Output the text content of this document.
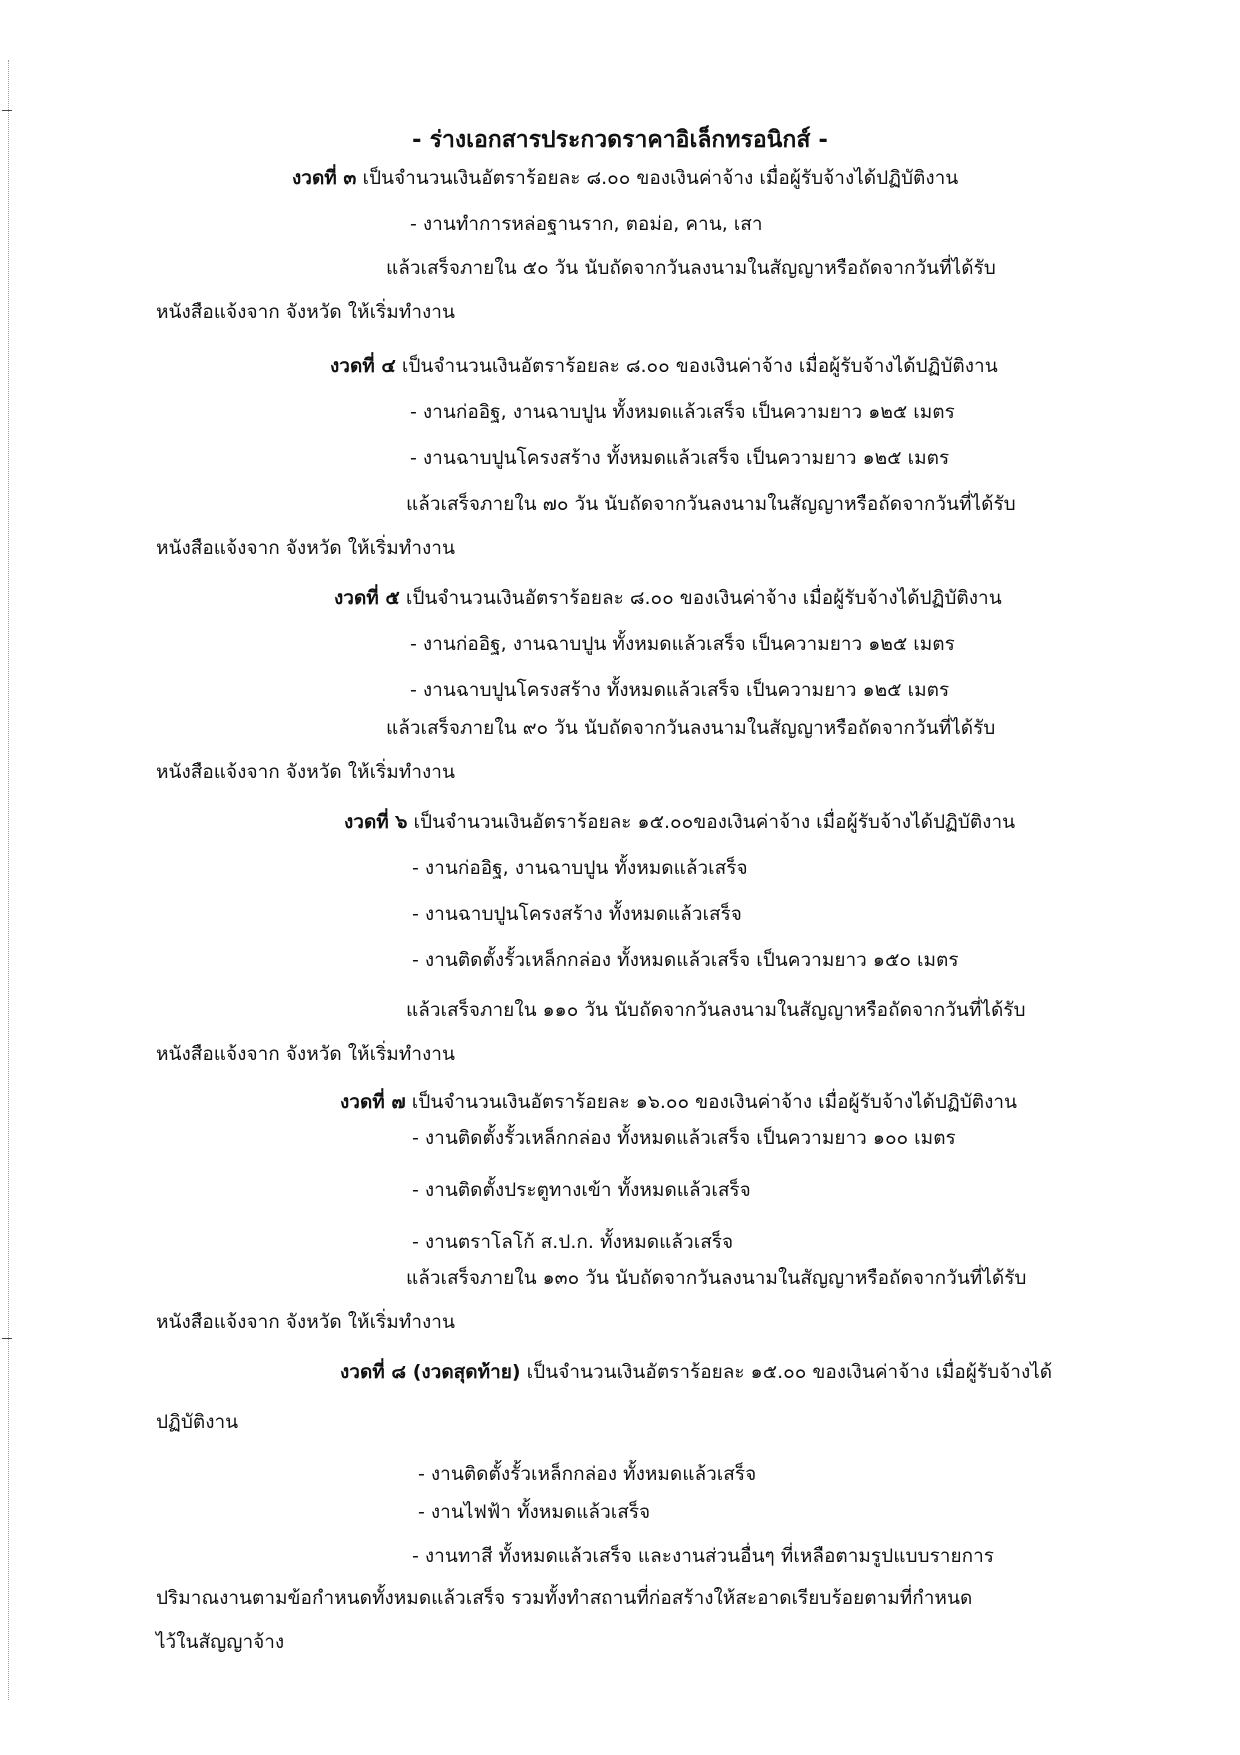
- ร่างเอกสารประกวดราคาอิเล็กทรอนิกส์ -
งวดที่ ๓ เป็นจำนวนเงินอัตราร้อยละ ๘.๐๐ ของเงินค่าจ้าง เมื่อผู้รับจ้างได้ปฏิบัติงาน
- งานทำการหล่อฐานราก, ตอม่อ, คาน, เสา
แล้วเสร็จภายใน ๕๐ วัน นับถัดจากวันลงนามในสัญญาหรือถัดจากวันที่ได้รับ
หนังสือแจ้งจาก จังหวัด ให้เริ่มทำงาน
งวดที่ ๔ เป็นจำนวนเงินอัตราร้อยละ ๘.๐๐ ของเงินค่าจ้าง เมื่อผู้รับจ้างได้ปฏิบัติงาน
- งานก่ออิฐ, งานฉาบปูน ทั้งหมดแล้วเสร็จ เป็นความยาว ๑๒๕ เมตร
- งานฉาบปูนโครงสร้าง ทั้งหมดแล้วเสร็จ เป็นความยาว ๑๒๕ เมตร
แล้วเสร็จภายใน ๗๐ วัน นับถัดจากวันลงนามในสัญญาหรือถัดจากวันที่ได้รับ
หนังสือแจ้งจาก จังหวัด ให้เริ่มทำงาน
งวดที่ ๕ เป็นจำนวนเงินอัตราร้อยละ ๘.๐๐ ของเงินค่าจ้าง เมื่อผู้รับจ้างได้ปฏิบัติงาน
- งานก่ออิฐ, งานฉาบปูน ทั้งหมดแล้วเสร็จ เป็นความยาว ๑๒๕ เมตร
- งานฉาบปูนโครงสร้าง ทั้งหมดแล้วเสร็จ เป็นความยาว ๑๒๕ เมตร
แล้วเสร็จภายใน ๙๐ วัน นับถัดจากวันลงนามในสัญญาหรือถัดจากวันที่ได้รับ
หนังสือแจ้งจาก จังหวัด ให้เริ่มทำงาน
งวดที่ ๖ เป็นจำนวนเงินอัตราร้อยละ ๑๕.๐๐ของเงินค่าจ้าง เมื่อผู้รับจ้างได้ปฏิบัติงาน
- งานก่ออิฐ, งานฉาบปูน ทั้งหมดแล้วเสร็จ
- งานฉาบปูนโครงสร้าง ทั้งหมดแล้วเสร็จ
- งานติดตั้งรั้วเหล็กกล่อง ทั้งหมดแล้วเสร็จ เป็นความยาว ๑๕๐ เมตร
แล้วเสร็จภายใน ๑๑๐ วัน นับถัดจากวันลงนามในสัญญาหรือถัดจากวันที่ได้รับ
หนังสือแจ้งจาก จังหวัด ให้เริ่มทำงาน
งวดที่ ๗ เป็นจำนวนเงินอัตราร้อยละ ๑๖.๐๐ ของเงินค่าจ้าง เมื่อผู้รับจ้างได้ปฏิบัติงาน
- งานติดตั้งรั้วเหล็กกล่อง ทั้งหมดแล้วเสร็จ เป็นความยาว ๑๐๐ เมตร
- งานติดตั้งประตูทางเข้า ทั้งหมดแล้วเสร็จ
- งานตราโลโก้ ส.ป.ก. ทั้งหมดแล้วเสร็จ
แล้วเสร็จภายใน ๑๓๐ วัน นับถัดจากวันลงนามในสัญญาหรือถัดจากวันที่ได้รับ
หนังสือแจ้งจาก จังหวัด ให้เริ่มทำงาน
งวดที่ ๘ (งวดสุดท้าย) เป็นจำนวนเงินอัตราร้อยละ ๑๕.๐๐ ของเงินค่าจ้าง เมื่อผู้รับจ้างได้
ปฏิบัติงาน
- งานติดตั้งรั้วเหล็กกล่อง ทั้งหมดแล้วเสร็จ
- งานไฟฟ้า ทั้งหมดแล้วเสร็จ
- งานทาสี ทั้งหมดแล้วเสร็จ และงานส่วนอื่นๆ ที่เหลือตามรูปแบบรายการ
ปริมาณงานตามข้อกำหนดทั้งหมดแล้วเสร็จ รวมทั้งทำสถานที่ก่อสร้างให้สะอาดเรียบร้อยตามที่กำหนด
ไว้ในสัญญาจ้าง
